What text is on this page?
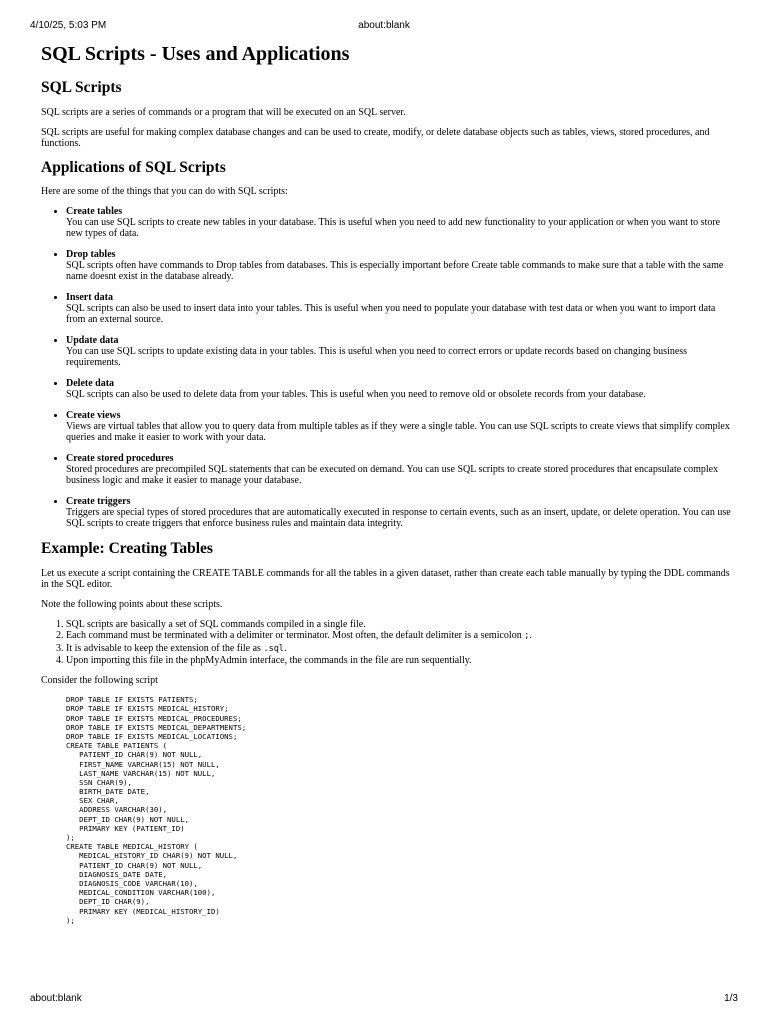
4/10/25, 5:03 PM	about:blank
SQL Scripts - Uses and Applications
SQL Scripts

SQL scripts are a series of commands or a program that will be executed on an SQL server.

SQL scripts are useful for making complex database changes and can be used to create, modify, or delete database objects such as tables, views, stored procedures, and functions.

Applications of SQL Scripts

Here are some of the things that you can do with SQL scripts:

• Create tables
You can use SQL scripts to create new tables in your database. This is useful when you need to add new functionality to your application or when you want to store new types of data.
• Drop tables
SQL scripts often have commands to Drop tables from databases. This is especially important before Create table commands to make sure that a table with the same name doesnt exist in the database already.
• Insert data
SQL scripts can also be used to insert data into your tables. This is useful when you need to populate your database with test data or when you want to import data from an external source.
• Update data
You can use SQL scripts to update existing data in your tables. This is useful when you need to correct errors or update records based on changing business requirements.
• Delete data
SQL scripts can also be used to delete data from your tables. This is useful when you need to remove old or obsolete records from your database.
• Create views
Views are virtual tables that allow you to query data from multiple tables as if they were a single table. You can use SQL scripts to create views that simplify complex queries and make it easier to work with your data.
• Create stored procedures
Stored procedures are precompiled SQL statements that can be executed on demand. You can use SQL scripts to create stored procedures that encapsulate complex business logic and make it easier to manage your database.
• Create triggers
Triggers are special types of stored procedures that are automatically executed in response to certain events, such as an insert, update, or delete operation. You can use SQL scripts to create triggers that enforce business rules and maintain data integrity.
Example: Creating Tables

Let us execute a script containing the CREATE TABLE commands for all the tables in a given dataset, rather than create each table manually by typing the DDL commands in the SQL editor.

Note the following points about these scripts.

1. SQL scripts are basically a set of SQL commands compiled in a single file.
2. Each command must be terminated with a delimiter or terminator. Most often, the default delimiter is a semicolon ;.
3. It is advisable to keep the extension of the file as .sql.
4. Upon importing this file in the phpMyAdmin interface, the commands in the file are run sequentially.

Consider the following script

DROP TABLE IF EXISTS PATIENTS;
DROP TABLE IF EXISTS MEDICAL_HISTORY;
DROP TABLE IF EXISTS MEDICAL_PROCEDURES;
DROP TABLE IF EXISTS MEDICAL_DEPARTMENTS;
DROP TABLE IF EXISTS MEDICAL_LOCATIONS;
CREATE TABLE PATIENTS (
PATIENT_ID CHAR(9) NOT NULL,
FIRST_NAME VARCHAR(15) NOT NULL,
LAST_NAME VARCHAR(15) NOT NULL,
SSN CHAR(9),
BIRTH_DATE DATE,
SEX CHAR,
ADDRESS VARCHAR(30),
DEPT_ID CHAR(9) NOT NULL,
PRIMARY KEY (PATIENT_ID)
);
CREATE TABLE MEDICAL_HISTORY (
MEDICAL_HISTORY_ID CHAR(9) NOT NULL,
PATIENT_ID CHAR(9) NOT NULL,
DIAGNOSIS_DATE DATE,
DIAGNOSIS_CODE VARCHAR(10),
MEDICAL_CONDITION VARCHAR(100),
DEPT_ID CHAR(9),
PRIMARY KEY (MEDICAL_HISTORY_ID)
);
about:blank	1/3
